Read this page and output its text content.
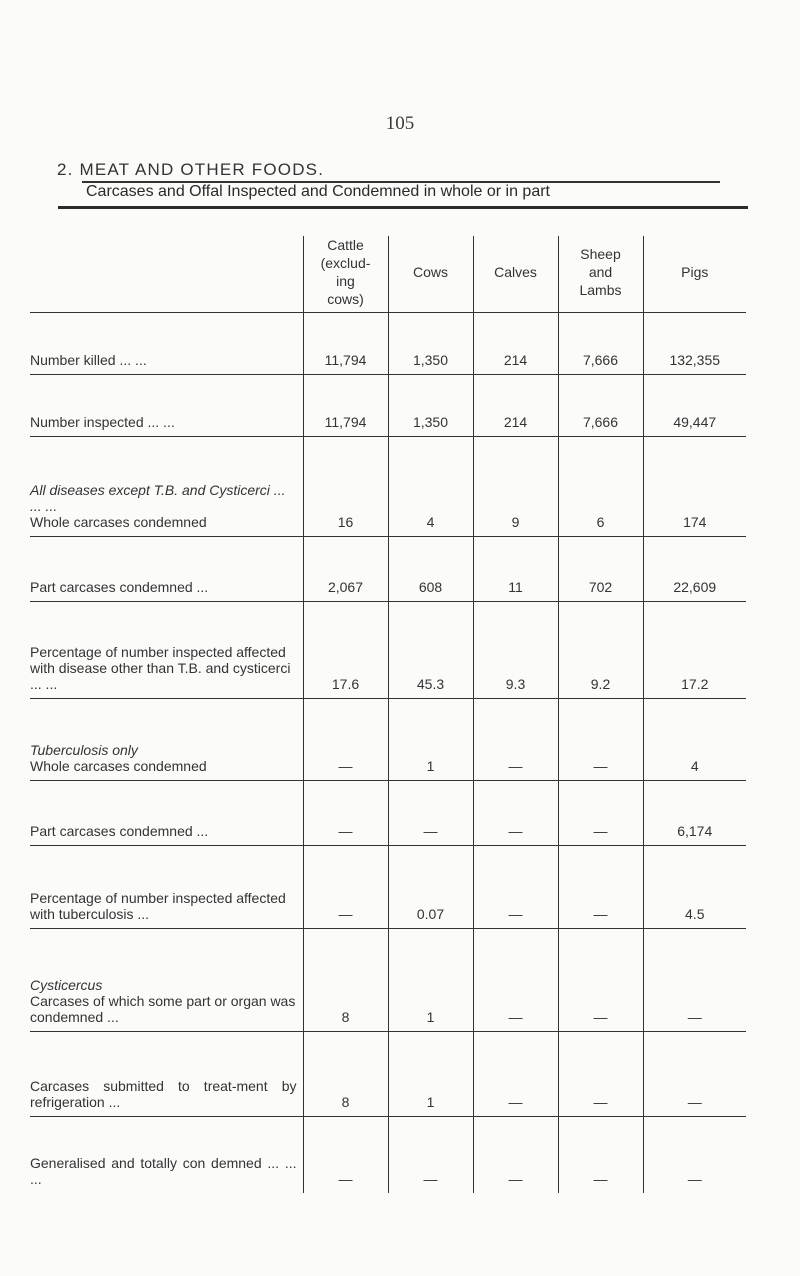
105
2. MEAT AND OTHER FOODS.
Carcases and Offal Inspected and Condemned in whole or in part

	Cattle
(exclud-
ing
cows)	Cows	Calves	Sheep
and
Lambs	Pigs

Number killed ... ...	11,794	1,350	214	7,666	132,355

Number inspected ... ...	11,794	1,350	214	7,666	49,447

All diseases except T.B. and Cysticerci ... ... ...
Whole carcases condemned	16	4	9	6	174

Part carcases condemned ...	2,067	608	11	702	22,609

Percentage of number inspected affected with disease other than T.B. and cysticerci ... ...	17.6	45.3	9.3	9.2	17.2

Tuberculosis only
Whole carcases condemned	—	1	—	—	4

Part carcases condemned ...	—	—	—	—	6,174

Percentage of number inspected affected with tuberculosis ...	—	0.07	—	—	4.5

Cysticercus
Carcases of which some part or organ was condemned ...	8	1	—	—	—

Carcases submitted to treat-ment by refrigeration ...	8	1	—	—	—

Generalised and totally con demned ... ... ...	—	—	—	—	—
